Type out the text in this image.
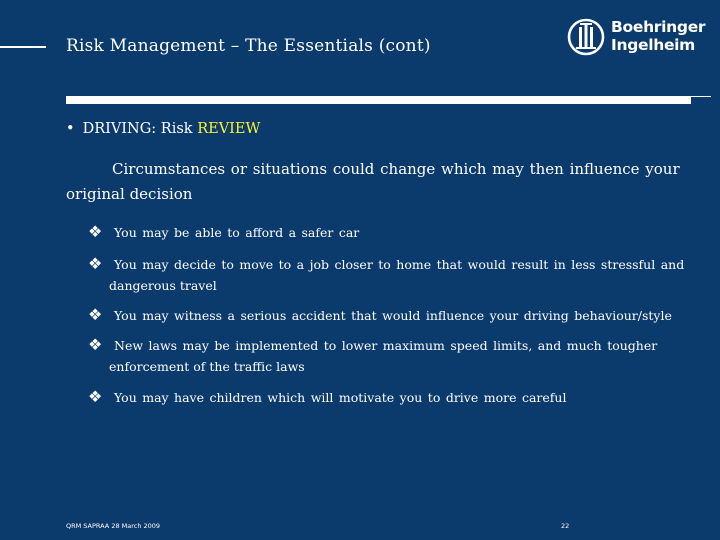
Risk Management – The Essentials (cont)
Boehringer
Ingelheim
• DRIVING: Risk REVIEW
Circumstances or situations could change which may then influence your
original decision
❖ You may be able to afford a safer car
❖ You may decide to move to a job closer to home that would result in less stressful and
dangerous travel
❖ You may witness a serious accident that would influence your driving behaviour/style
❖ New laws may be implemented to lower maximum speed limits, and much tougher
enforcement of the traffic laws
❖ You may have children which will motivate you to drive more careful
QRM SAPRAA 28 March 2009	22
